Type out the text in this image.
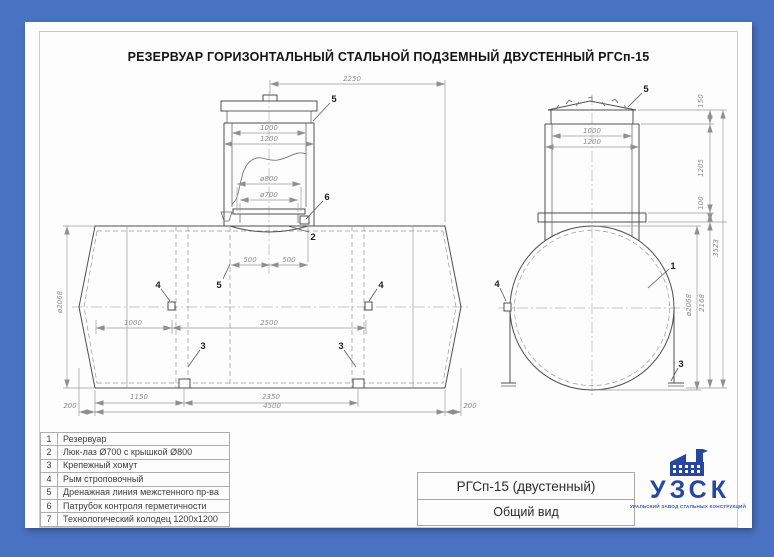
РЕЗЕРВУАР ГОРИЗОНТАЛЬНЫЙ СТАЛЬНОЙ ПОДЗЕМНЫЙ ДВУСТЕННЫЙ РГСп-15
2250
1000
1200
ø800
ø700
500	500
1000	2500
1150	2350
200	4500	200
ø2068
5
6
2
5
4	4
3	3
1000
1200
150
1205
100
2168
3523
ø2068
5
1
4
3
1	Резервуар
2	Люк-лаз Ø700 с крышкой Ø800
3	Крепежный хомут
4	Рым строповочный
5	Дренажная линия межстенного пр-ва
6	Патрубок контроля герметичности
7	Технологический колодец 1200х1200
РГСп-15 (двустенный)
Общий вид
УЗСК
УРАЛЬСКИЙ ЗАВОД СТАЛЬНЫХ КОНСТРУКЦИЙ
